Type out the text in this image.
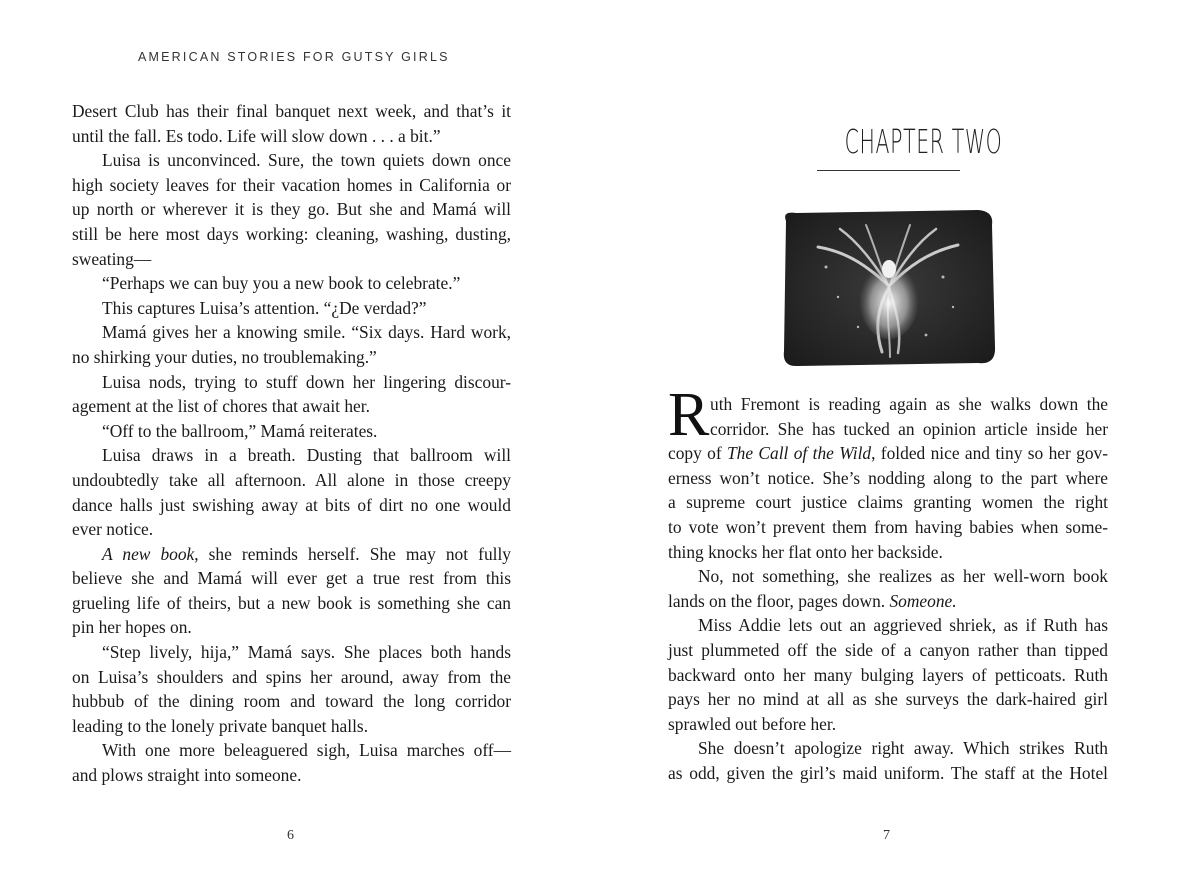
AMERICAN STORIES FOR GUTSY GIRLS
Desert Club has their final banquet next week, and that’s it
until the fall. Es todo. Life will slow down . . . a bit.”
Luisa is unconvinced. Sure, the town quiets down once
high society leaves for their vacation homes in California or
up north or wherever it is they go. But she and Mamá will
still be here most days working: cleaning, washing, dusting,
sweating—
“Perhaps we can buy you a new book to celebrate.”
This captures Luisa’s attention. “¿De verdad?”
Mamá gives her a knowing smile. “Six days. Hard work,
no shirking your duties, no troublemaking.”
Luisa nods, trying to stuff down her lingering discour-
agement at the list of chores that await her.
“Off to the ballroom,” Mamá reiterates.
Luisa draws in a breath. Dusting that ballroom will
undoubtedly take all afternoon. All alone in those creepy
dance halls just swishing away at bits of dirt no one would
ever notice.
A new book, she reminds herself. She may not fully
believe she and Mamá will ever get a true rest from this
grueling life of theirs, but a new book is something she can
pin her hopes on.
“Step lively, hija,” Mamá says. She places both hands
on Luisa’s shoulders and spins her around, away from the
hubbub of the dining room and toward the long corridor
leading to the lonely private banquet halls.
With one more beleaguered sigh, Luisa marches off—
and plows straight into someone.
6
CHAPTER TWO
R uth Fremont is reading again as she walks down the
corridor. She has tucked an opinion article inside her
copy of The Call of the Wild, folded nice and tiny so her gov-
erness won’t notice. She’s nodding along to the part where
a supreme court justice claims granting women the right
to vote won’t prevent them from having babies when some-
thing knocks her flat onto her backside.
No, not something, she realizes as her well-worn book
lands on the floor, pages down. Someone.
Miss Addie lets out an aggrieved shriek, as if Ruth has
just plummeted off the side of a canyon rather than tipped
backward onto her many bulging layers of petticoats. Ruth
pays her no mind at all as she surveys the dark-haired girl
sprawled out before her.
She doesn’t apologize right away. Which strikes Ruth
as odd, given the girl’s maid uniform. The staff at the Hotel
7
